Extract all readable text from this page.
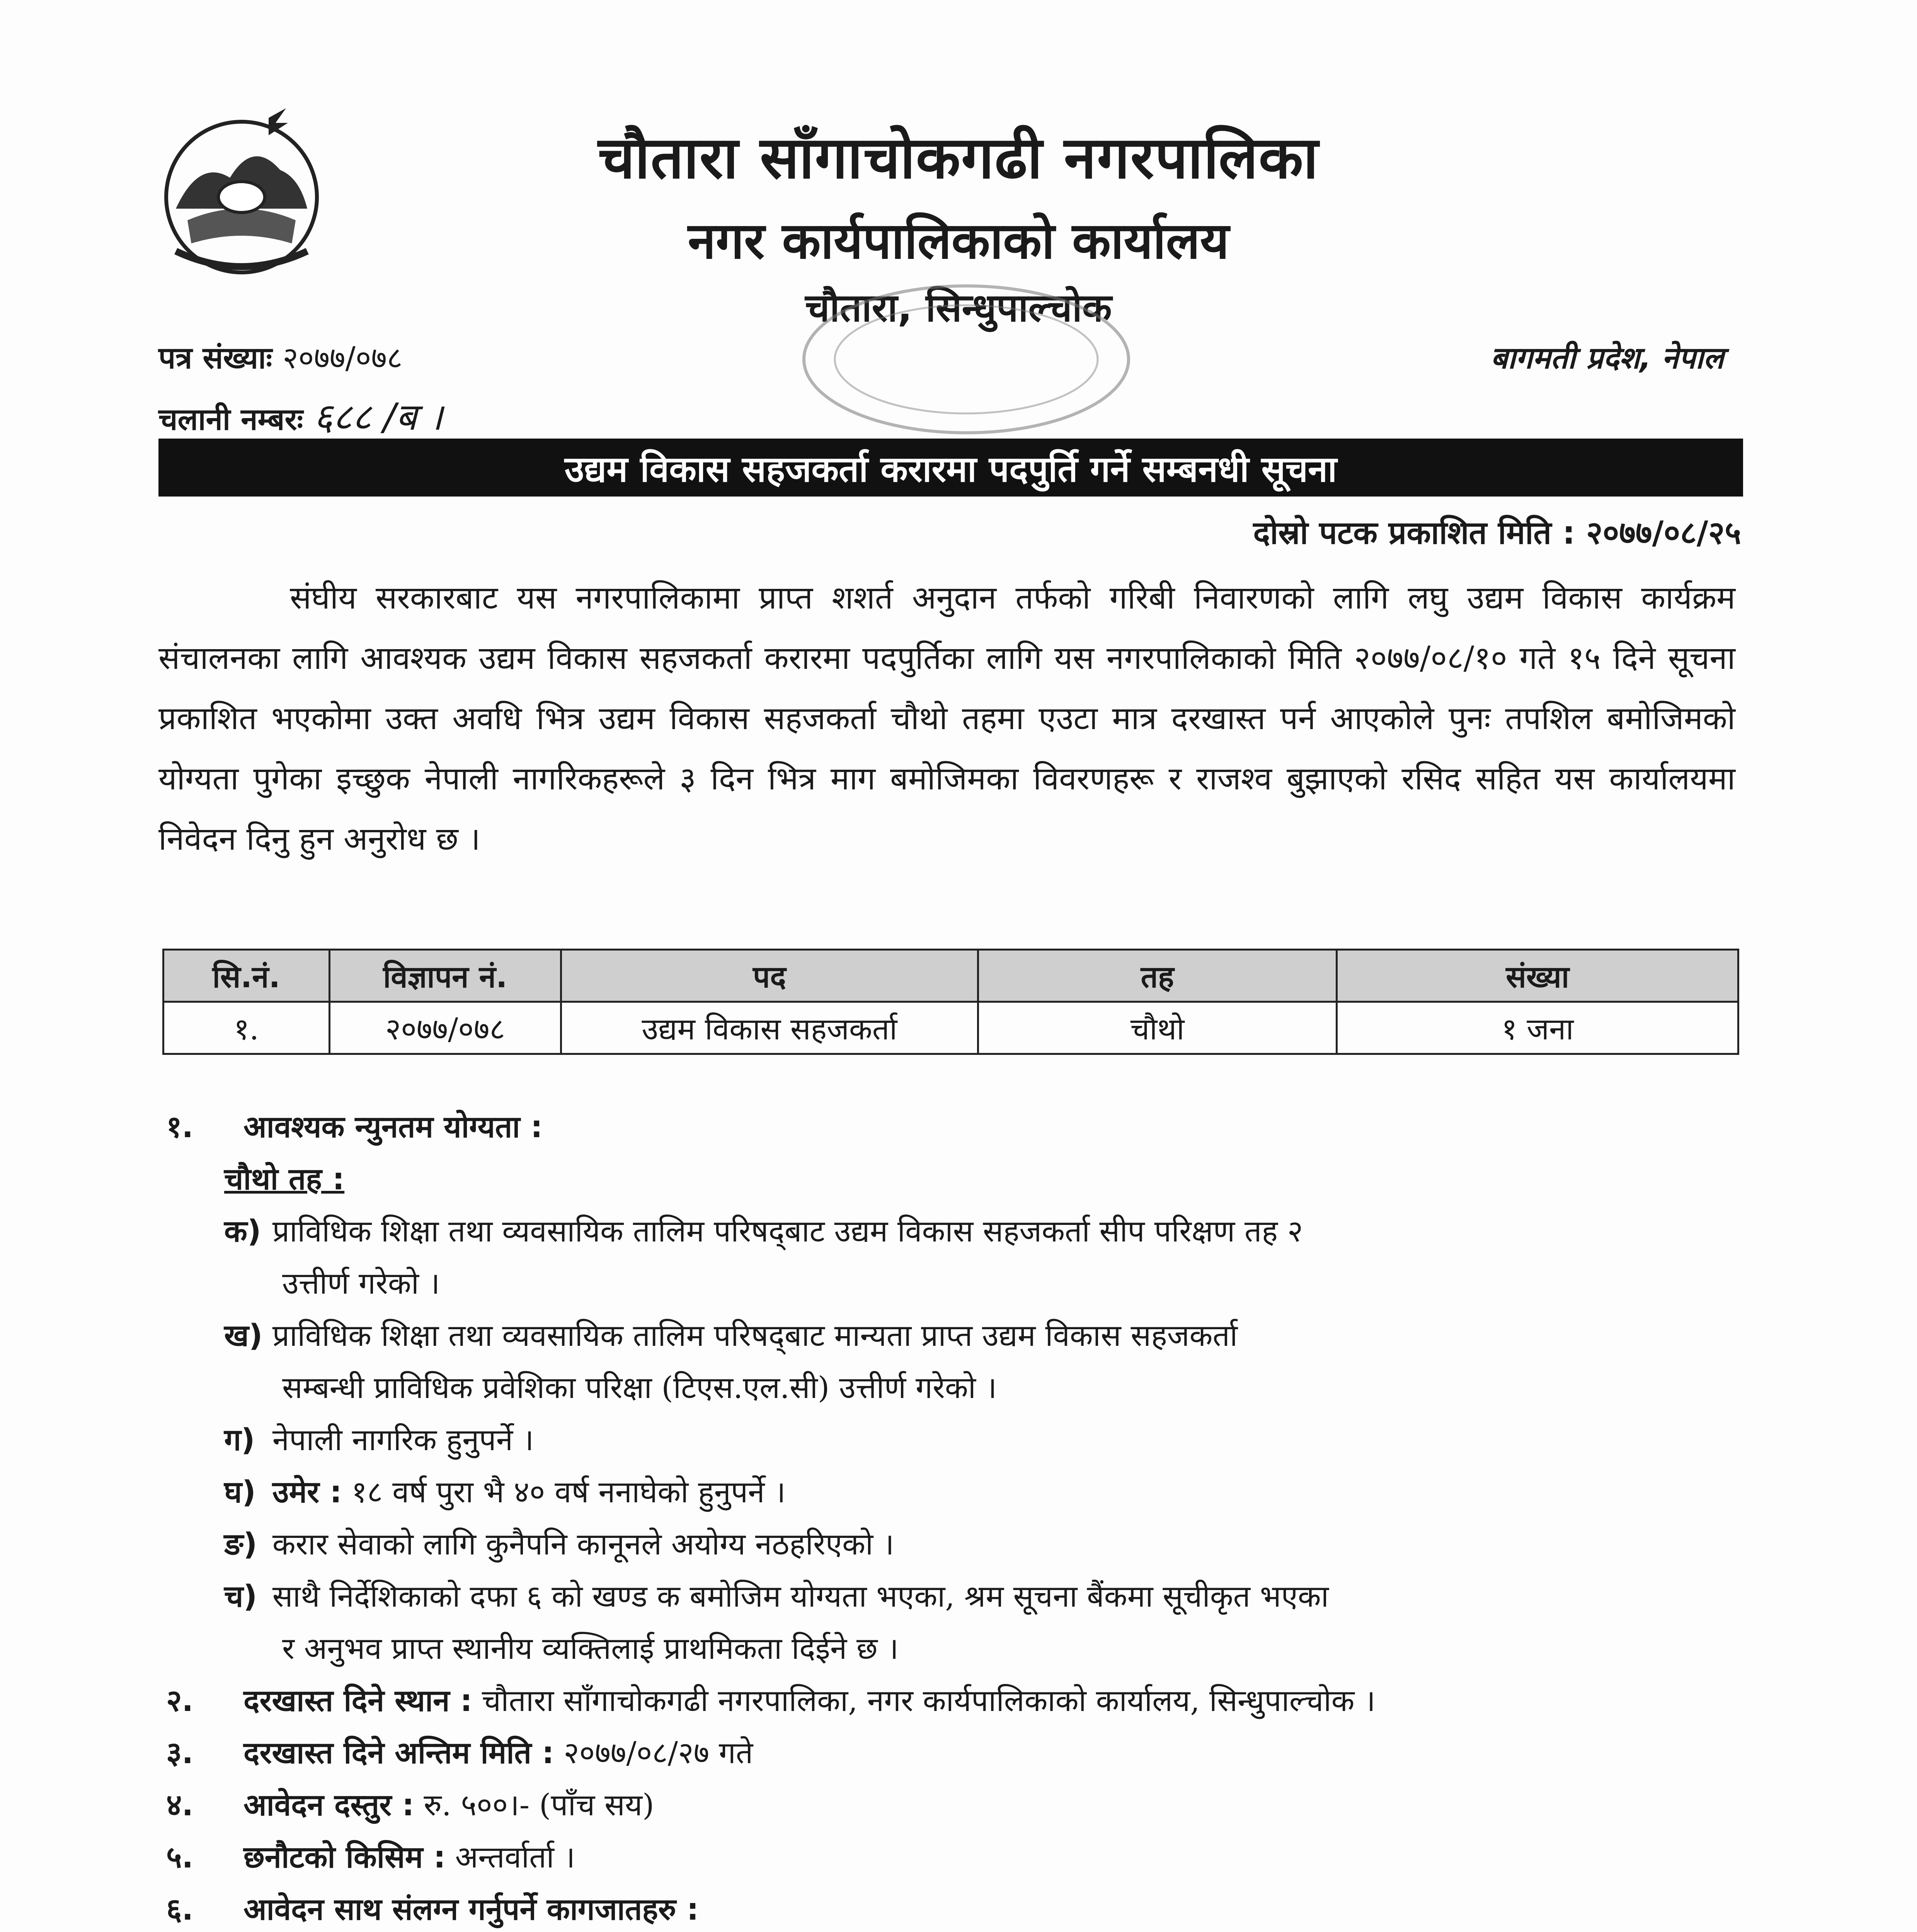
चौतारा साँगाचोकगढी नगरपालिका
नगर कार्यपालिकाको कार्यालय
चौतारा, सिन्धुपाल्चोक
पत्र संख्याः २०७७/०७८
चलानी नम्बरः ६८८ /ब ।
बागमती प्रदेश, नेपाल
उद्यम विकास सहजकर्ता करारमा पदपुर्ति गर्ने सम्बनधी सूचना
दोस्रो पटक प्रकाशित मिति : २०७७/०८/२५
संघीय सरकारबाट यस नगरपालिकामा प्राप्त शशर्त अनुदान तर्फको गरिबी निवारणको लागि लघु उद्यम विकास कार्यक्रम संचालनका लागि आवश्यक उद्यम विकास सहजकर्ता करारमा पदपुर्तिका लागि यस नगरपालिकाको मिति २०७७/०८/१० गते १५ दिने सूचना प्रकाशित भएकोमा उक्त अवधि भित्र उद्यम विकास सहजकर्ता चौथो तहमा एउटा मात्र दरखास्त पर्न आएकोले पुनः तपशिल बमोजिमको योग्यता पुगेका इच्छुक नेपाली नागरिकहरूले ३ दिन भित्र माग बमोजिमका विवरणहरू र राजश्व बुझाएको रसिद सहित यस कार्यालयमा निवेदन दिनु हुन अनुरोध छ ।
सि.नं.	विज्ञापन नं.	पद	तह	संख्या
१.	२०७७/०७८	उद्यम विकास सहजकर्ता	चौथो	१ जना
१. आवश्यक न्युनतम योग्यता :
चौथो तह :
क) प्राविधिक शिक्षा तथा व्यवसायिक तालिम परिषद्‌बाट उद्यम विकास सहजकर्ता सीप परिक्षण तह २
उत्तीर्ण गरेको ।
ख) प्राविधिक शिक्षा तथा व्यवसायिक तालिम परिषद्‌बाट मान्यता प्राप्त उद्यम विकास सहजकर्ता
सम्बन्धी प्राविधिक प्रवेशिका परिक्षा (टिएस.एल.सी) उत्तीर्ण गरेको ।
ग) नेपाली नागरिक हुनुपर्ने ।
घ) उमेर : १८ वर्ष पुरा भै ४० वर्ष ननाघेको हुनुपर्ने ।
ङ) करार सेवाको लागि कुनैपनि कानूनले अयोग्य नठहरिएको ।
च) साथै निर्देशिकाको दफा ६ को खण्ड क बमोजिम योग्यता भएका, श्रम सूचना बैंकमा सूचीकृत भएका
र अनुभव प्राप्त स्थानीय व्यक्तिलाई प्राथमिकता दिईने छ ।
२. दरखास्त दिने स्थान : चौतारा साँगाचोकगढी नगरपालिका, नगर कार्यपालिकाको कार्यालय, सिन्धुपाल्चोक ।
३. दरखास्त दिने अन्तिम मिति : २०७७/०८/२७ गते
४. आवेदन दस्तुर : रु. ५००।- (पाँच सय)
५. छनौटको किसिम : अन्तर्वार्ता ।
६. आवेदन साथ संलग्न गर्नुपर्ने कागजातहरु :
